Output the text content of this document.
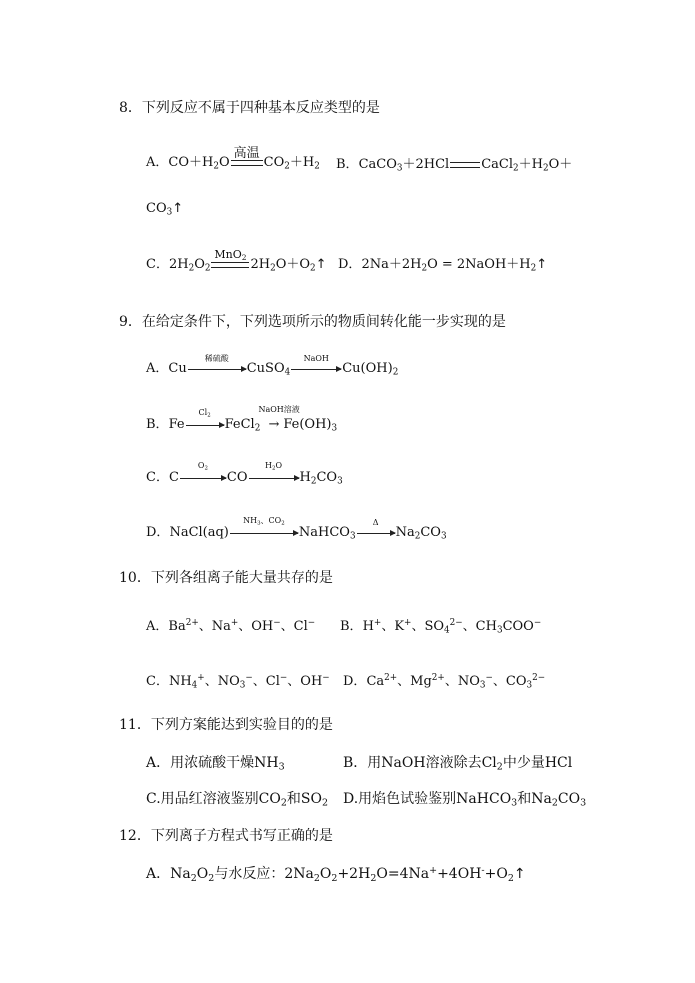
8．下列反应不属于四种基本反应类型的是
A．CO＋H2O
高温
CO2＋H2 B．CaCO3＋2HCl CaCl2＋H2O＋
CO3↑
C．2H2O2
MnO2 2H2O＋O2↑ D．2Na＋2H2O = 2NaOH＋H2↑
9．在给定条件下，下列选项所示的物质间转化能一步实现的是
A．Cu
稀硫酸
CuSO4
NaOH
Cu(OH)2
B．Fe
Cl2
FeCl2
NaOH溶液
→ Fe(OH)3
C．C
O2
CO
H2O
H2CO3
D．NaCl(aq)
NH3、CO2
NaHCO3
Δ
Na2CO3
10．下列各组离子能大量共存的是
A．$Ba^{2+}$、Na+、OH−、Cl− B．H+、K+、$SO4^{2-}$、CH3COO−
C．NH4+、NO3−、Cl−、OH− D．$Ca^{2+}$、$Mg^{2+}$、NO3−、$CO3^{2-}$
11．下列方案能达到实验目的的是
A．用浓硫酸干燥NH3	B．用NaOH溶液除去Cl2中少量HCl
C.用品红溶液鉴别CO2和SO2 D.用焰色试验鉴别NaHCO3和Na2CO3
12．下列离子方程式书写正确的是
A．Na2O2与水反应：2Na2O2+2H2O=4Na++4OH-+O2↑
